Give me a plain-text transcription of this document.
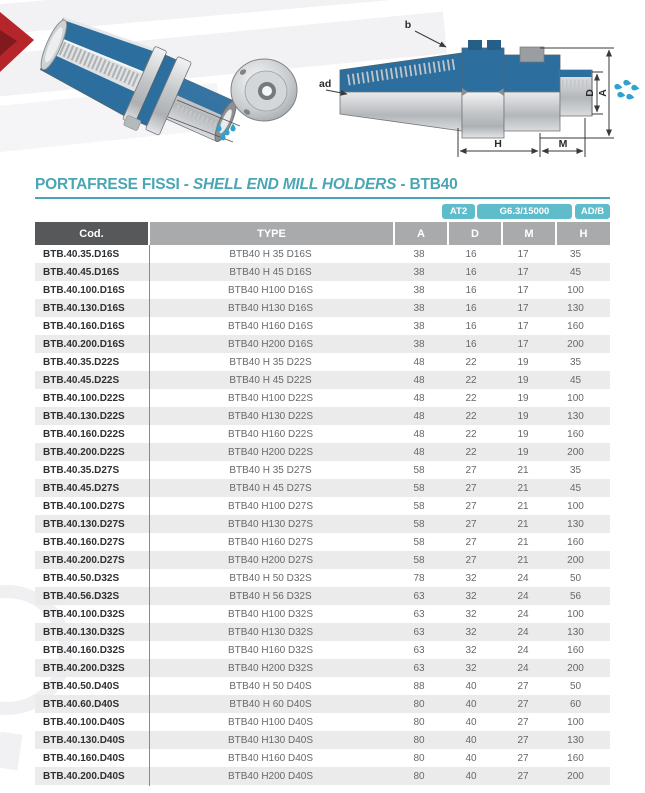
b
ad
D A
H	M
PORTAFRESE FISSI - SHELL END MILL HOLDERS - BTB40
AT2	G6.3/15000	AD/B
Cod.	TYPE	A	D	M	H
BTB.40.35.D16S	BTB40 H 35 D16S	38	16	17	35
BTB.40.45.D16S	BTB40 H 45 D16S	38	16	17	45
BTB.40.100.D16S	BTB40 H100 D16S	38	16	17	100
BTB.40.130.D16S	BTB40 H130 D16S	38	16	17	130
BTB.40.160.D16S	BTB40 H160 D16S	38	16	17	160
BTB.40.200.D16S	BTB40 H200 D16S	38	16	17	200
BTB.40.35.D22S	BTB40 H 35 D22S	48	22	19	35
BTB.40.45.D22S	BTB40 H 45 D22S	48	22	19	45
BTB.40.100.D22S	BTB40 H100 D22S	48	22	19	100
BTB.40.130.D22S	BTB40 H130 D22S	48	22	19	130
BTB.40.160.D22S	BTB40 H160 D22S	48	22	19	160
BTB.40.200.D22S	BTB40 H200 D22S	48	22	19	200
BTB.40.35.D27S	BTB40 H 35 D27S	58	27	21	35
BTB.40.45.D27S	BTB40 H 45 D27S	58	27	21	45
BTB.40.100.D27S	BTB40 H100 D27S	58	27	21	100
BTB.40.130.D27S	BTB40 H130 D27S	58	27	21	130
BTB.40.160.D27S	BTB40 H160 D27S	58	27	21	160
BTB.40.200.D27S	BTB40 H200 D27S	58	27	21	200
BTB.40.50.D32S	BTB40 H 50 D32S	78	32	24	50
BTB.40.56.D32S	BTB40 H 56 D32S	63	32	24	56
BTB.40.100.D32S	BTB40 H100 D32S	63	32	24	100
BTB.40.130.D32S	BTB40 H130 D32S	63	32	24	130
BTB.40.160.D32S	BTB40 H160 D32S	63	32	24	160
BTB.40.200.D32S	BTB40 H200 D32S	63	32	24	200
BTB.40.50.D40S	BTB40 H 50 D40S	88	40	27	50
BTB.40.60.D40S	BTB40 H 60 D40S	80	40	27	60
BTB.40.100.D40S	BTB40 H100 D40S	80	40	27	100
BTB.40.130.D40S	BTB40 H130 D40S	80	40	27	130
BTB.40.160.D40S	BTB40 H160 D40S	80	40	27	160
BTB.40.200.D40S	BTB40 H200 D40S	80	40	27	200
